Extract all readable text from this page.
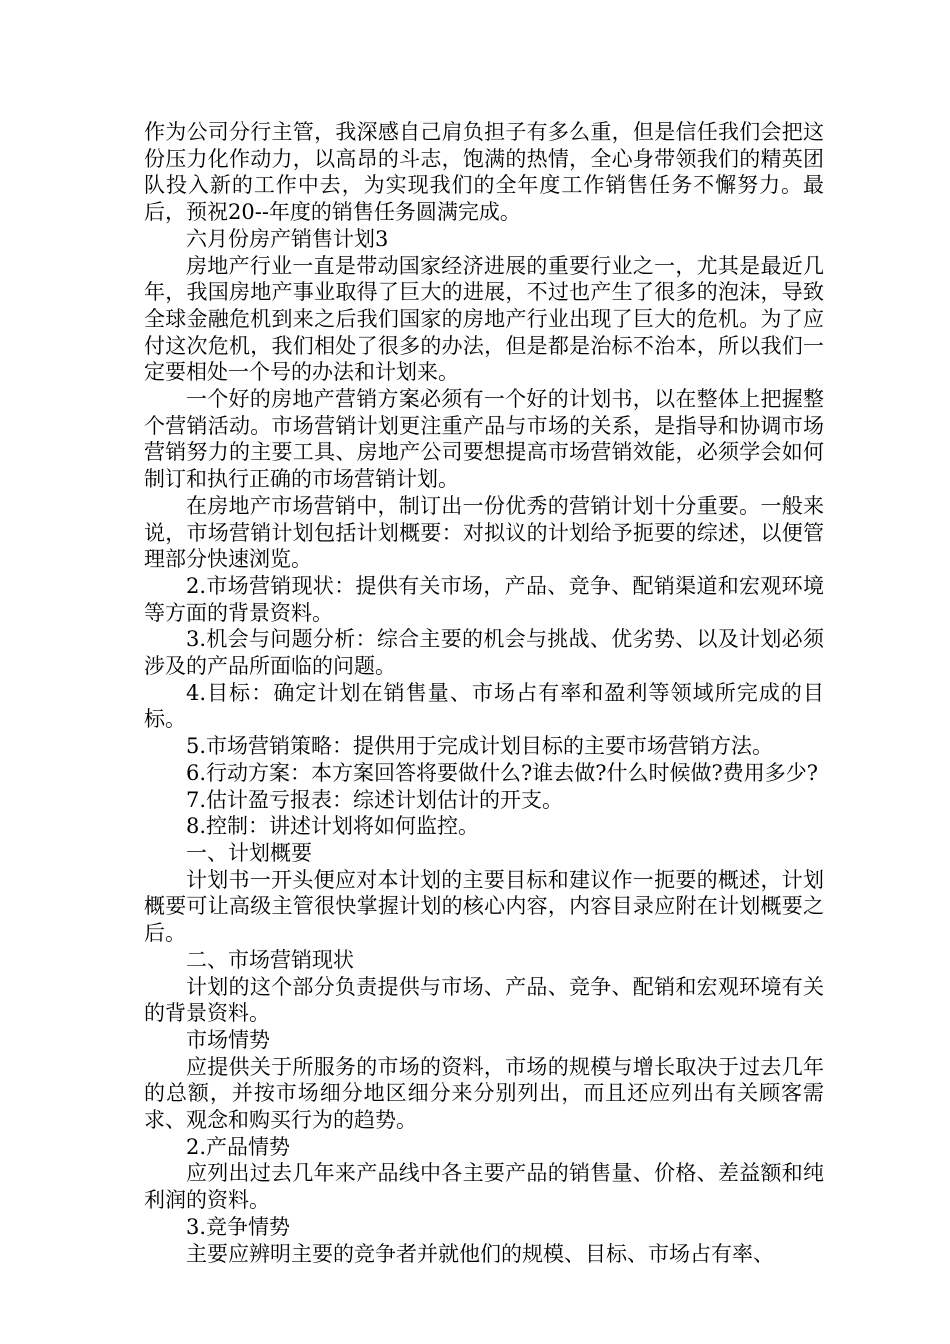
作为公司分行主管，我深感自己肩负担子有多么重，但是信任我们会把这份压力化作动力，以高昂的斗志，饱满的热情，全心身带领我们的精英团队投入新的工作中去，为实现我们的全年度工作销售任务不懈努力。最后，预祝20--年度的销售任务圆满完成。

六月份房产销售计划3

房地产行业一直是带动国家经济进展的重要行业之一，尤其是最近几年，我国房地产事业取得了巨大的进展，不过也产生了很多的泡沫，导致全球金融危机到来之后我们国家的房地产行业出现了巨大的危机。为了应付这次危机，我们相处了很多的办法，但是都是治标不治本，所以我们一定要相处一个号的办法和计划来。

一个好的房地产营销方案必须有一个好的计划书，以在整体上把握整个营销活动。市场营销计划更注重产品与市场的关系，是指导和协调市场营销努力的主要工具、房地产公司要想提高市场营销效能，必须学会如何制订和执行正确的市场营销计划。

在房地产市场营销中，制订出一份优秀的营销计划十分重要。一般来说，市场营销计划包括计划概要：对拟议的计划给予扼要的综述，以便管理部分快速浏览。

2.市场营销现状：提供有关市场，产品、竞争、配销渠道和宏观环境等方面的背景资料。

3.机会与问题分析：综合主要的机会与挑战、优劣势、以及计划必须涉及的产品所面临的问题。

4.目标：确定计划在销售量、市场占有率和盈利等领域所完成的目标。

5.市场营销策略：提供用于完成计划目标的主要市场营销方法。

6.行动方案：本方案回答将要做什么?谁去做?什么时候做?费用多少?

7.估计盈亏报表：综述计划估计的开支。

8.控制：讲述计划将如何监控。

一、计划概要

计划书一开头便应对本计划的主要目标和建议作一扼要的概述，计划概要可让高级主管很快掌握计划的核心内容，内容目录应附在计划概要之后。

二、市场营销现状

计划的这个部分负责提供与市场、产品、竞争、配销和宏观环境有关的背景资料。

市场情势

应提供关于所服务的市场的资料，市场的规模与增长取决于过去几年的总额，并按市场细分地区细分来分别列出，而且还应列出有关顾客需求、观念和购买行为的趋势。

2.产品情势

应列出过去几年来产品线中各主要产品的销售量、价格、差益额和纯利润的资料。

3.竞争情势

主要应辨明主要的竞争者并就他们的规模、目标、市场占有率、
